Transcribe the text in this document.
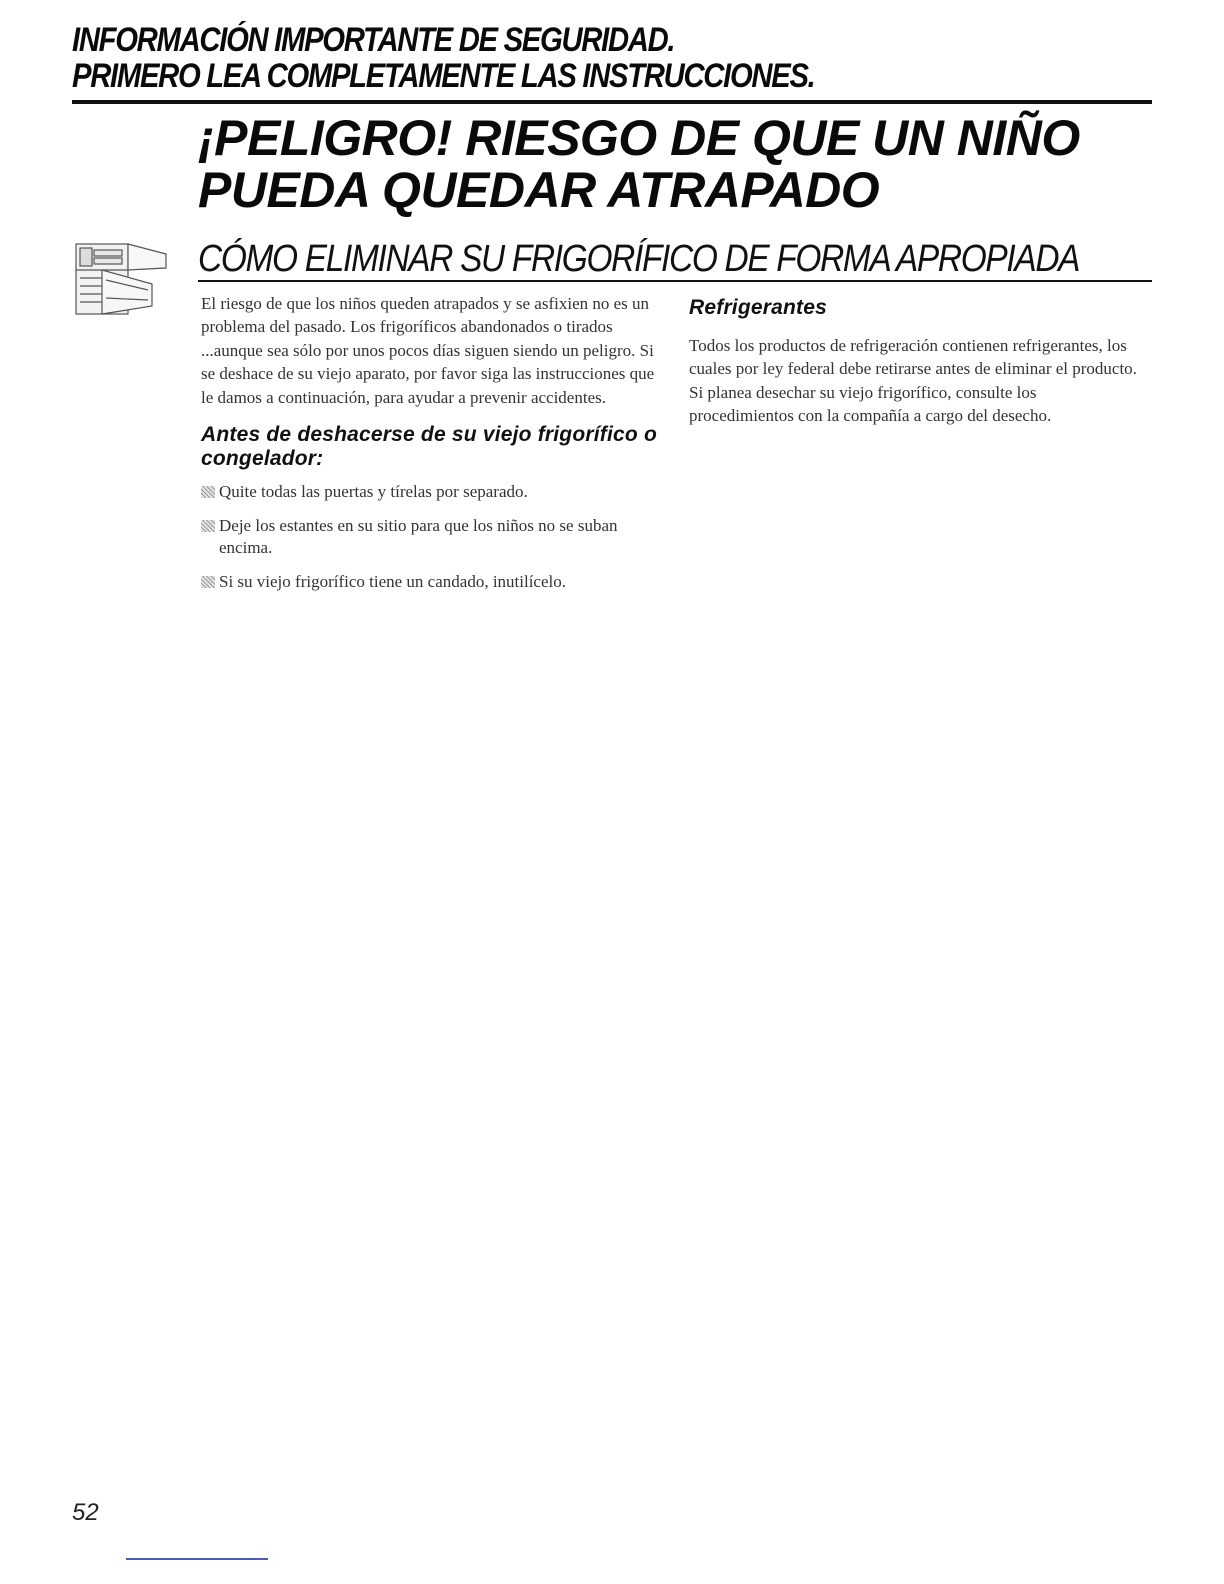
INFORMACIÓN IMPORTANTE DE SEGURIDAD.
PRIMERO LEA COMPLETAMENTE LAS INSTRUCCIONES.
¡PELIGRO! RIESGO DE QUE UN NIÑO PUEDA QUEDAR ATRAPADO
CÓMO ELIMINAR SU FRIGORÍFICO DE FORMA APROPIADA

El riesgo de que los niños queden atrapados y se asfixien no es un problema del pasado. Los frigoríficos abandonados o tirados ...aunque sea sólo por unos pocos días siguen siendo un peligro. Si se deshace de su viejo aparato, por favor siga las instrucciones que le damos a continuación, para ayudar a prevenir accidentes.

Antes de deshacerse de su viejo frigorífico o congelador:
Quite todas las puertas y tírelas por separado.
Deje los estantes en su sitio para que los niños no se suban encima.
Si su viejo frigorífico tiene un candado, inutilícelo.
Refrigerantes

Todos los productos de refrigeración contienen refrigerantes, los cuales por ley federal debe retirarse antes de eliminar el producto. Si planea desechar su viejo frigorífico, consulte los procedimientos con la compañía a cargo del desecho.

52
